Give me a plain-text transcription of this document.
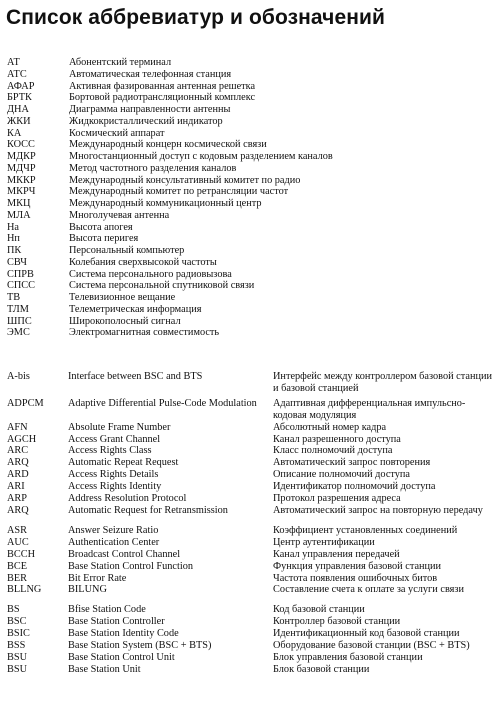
Список аббревиатур и обозначений
АТ	Абонентский терминал
АТС	Автоматическая телефонная станция
АФАР	Активная фазированная антенная решетка
БРТК	Бортовой радиотрансляционный комплекс
ДНА	Диаграмма направленности антенны
ЖКИ	Жидкокристаллический индикатор
КА	Космический аппарат
КОСС	Международный концерн космической связи
МДКР	Многостанционный доступ с кодовым разделением каналов
МДЧР	Метод частотного разделения каналов
МККР	Международный консультативный комитет по радио
МКРЧ	Международный комитет по ретрансляции частот
МКЦ	Международный коммуникационный центр
МЛА	Многолучевая антенна
На	Высота апогея
Нп	Высота перигея
ПК	Персональный компьютер
СВЧ	Колебания сверхвысокой частоты
СПРВ	Система персонального радиовызова
СПСС	Система персональной спутниковой связи
ТВ	Телевизионное вещание
ТЛМ	Телеметрическая информация
ШПС	Широкополосный сигнал
ЭМС	Электромагнитная совместимость
A-bis	Interface between BSC and BTS	Интерфейс между контроллером базовой станции и базовой станцией
ADPCM	Adaptive Differential Pulse-Code Modulation	Адаптивная дифференциальная импульсно-кодовая модуляция
AFN	Absolute Frame Number	Абсолютный номер кадра
AGCH	Access Grant Channel	Канал разрешенного доступа
ARC	Access Rights Class	Класс полномочий доступа
ARQ	Automatic Repeat Request	Автоматический запрос повторения
ARD	Access Rights Details	Описание полномочий доступа
ARI	Access Rights Identity	Идентификатор полномочий доступа
ARP	Address Resolution Protocol	Протокол разрешения адреса
ARQ	Automatic Request for Retransmission	Автоматический запрос на повторную передачу
ASR	Answer Seizure Ratio	Коэффициент установленных соединений
AUC	Authentication Center	Центр аутентификации
BCCH	Broadcast Control Channel	Канал управления передачей
BCE	Base Station Control Function	Функция управления базовой станции
BER	Bit Error Rate	Частота появления ошибочных битов
BLLNG	BILUNG	Составление счета к оплате за услуги связи
BS	Bfise Station Code	Код базовой станции
BSC	Base Station Controller	Контроллер базовой станции
BSIC	Base Station Identity Code	Идентификационный код базовой станции
BSS	Base Station System (BSC + BTS)	Оборудование базовой станции (BSC + BTS)
BSU	Base Station Control Unit	Блок управления базовой станции
BSU	Base Station Unit	Блок базовой станции
